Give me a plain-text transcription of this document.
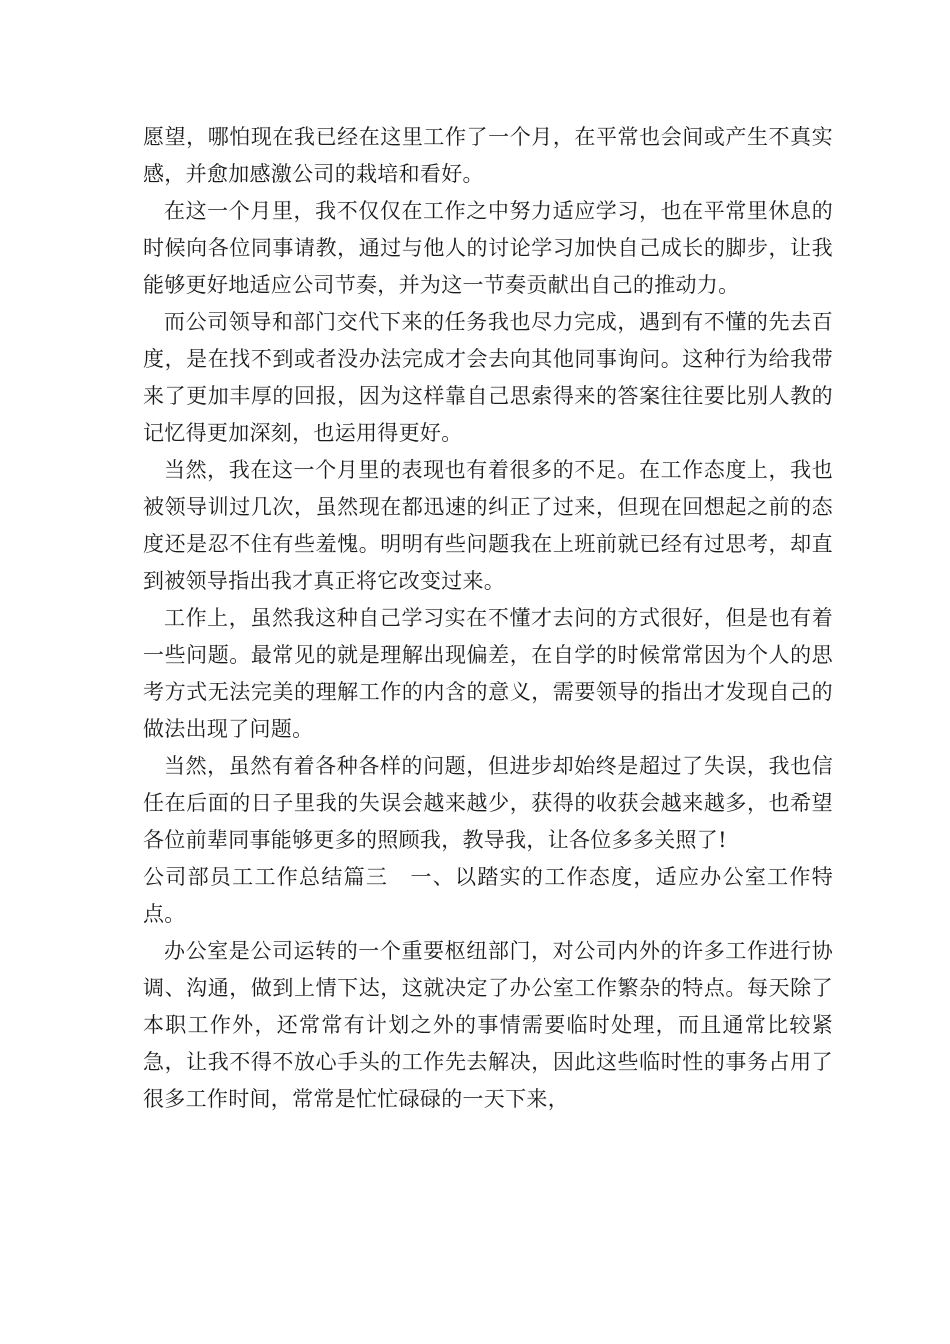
愿望，哪怕现在我已经在这里工作了一个月，在平常也会间或产生不真实感，并愈加感激公司的栽培和看好。

在这一个月里，我不仅仅在工作之中努力适应学习，也在平常里休息的时候向各位同事请教，通过与他人的讨论学习加快自己成长的脚步，让我能够更好地适应公司节奏，并为这一节奏贡献出自己的推动力。

而公司领导和部门交代下来的任务我也尽力完成，遇到有不懂的先去百度，是在找不到或者没办法完成才会去向其他同事询问。这种行为给我带来了更加丰厚的回报，因为这样靠自己思索得来的答案往往要比别人教的记忆得更加深刻，也运用得更好。

当然，我在这一个月里的表现也有着很多的不足。在工作态度上，我也被领导训过几次，虽然现在都迅速的纠正了过来，但现在回想起之前的态度还是忍不住有些羞愧。明明有些问题我在上班前就已经有过思考，却直到被领导指出我才真正将它改变过来。

工作上，虽然我这种自己学习实在不懂才去问的方式很好，但是也有着一些问题。最常见的就是理解出现偏差，在自学的时候常常因为个人的思考方式无法完美的理解工作的内含的意义，需要领导的指出才发现自己的做法出现了问题。

当然，虽然有着各种各样的问题，但进步却始终是超过了失误，我也信任在后面的日子里我的失误会越来越少，获得的收获会越来越多，也希望各位前辈同事能够更多的照顾我，教导我，让各位多多关照了!

公司部员工工作总结篇三　一、以踏实的工作态度，适应办公室工作特点。

办公室是公司运转的一个重要枢纽部门，对公司内外的许多工作进行协调、沟通，做到上情下达，这就决定了办公室工作繁杂的特点。每天除了本职工作外，还常常有计划之外的事情需要临时处理，而且通常比较紧急，让我不得不放心手头的工作先去解决，因此这些临时性的事务占用了很多工作时间，常常是忙忙碌碌的一天下来，
